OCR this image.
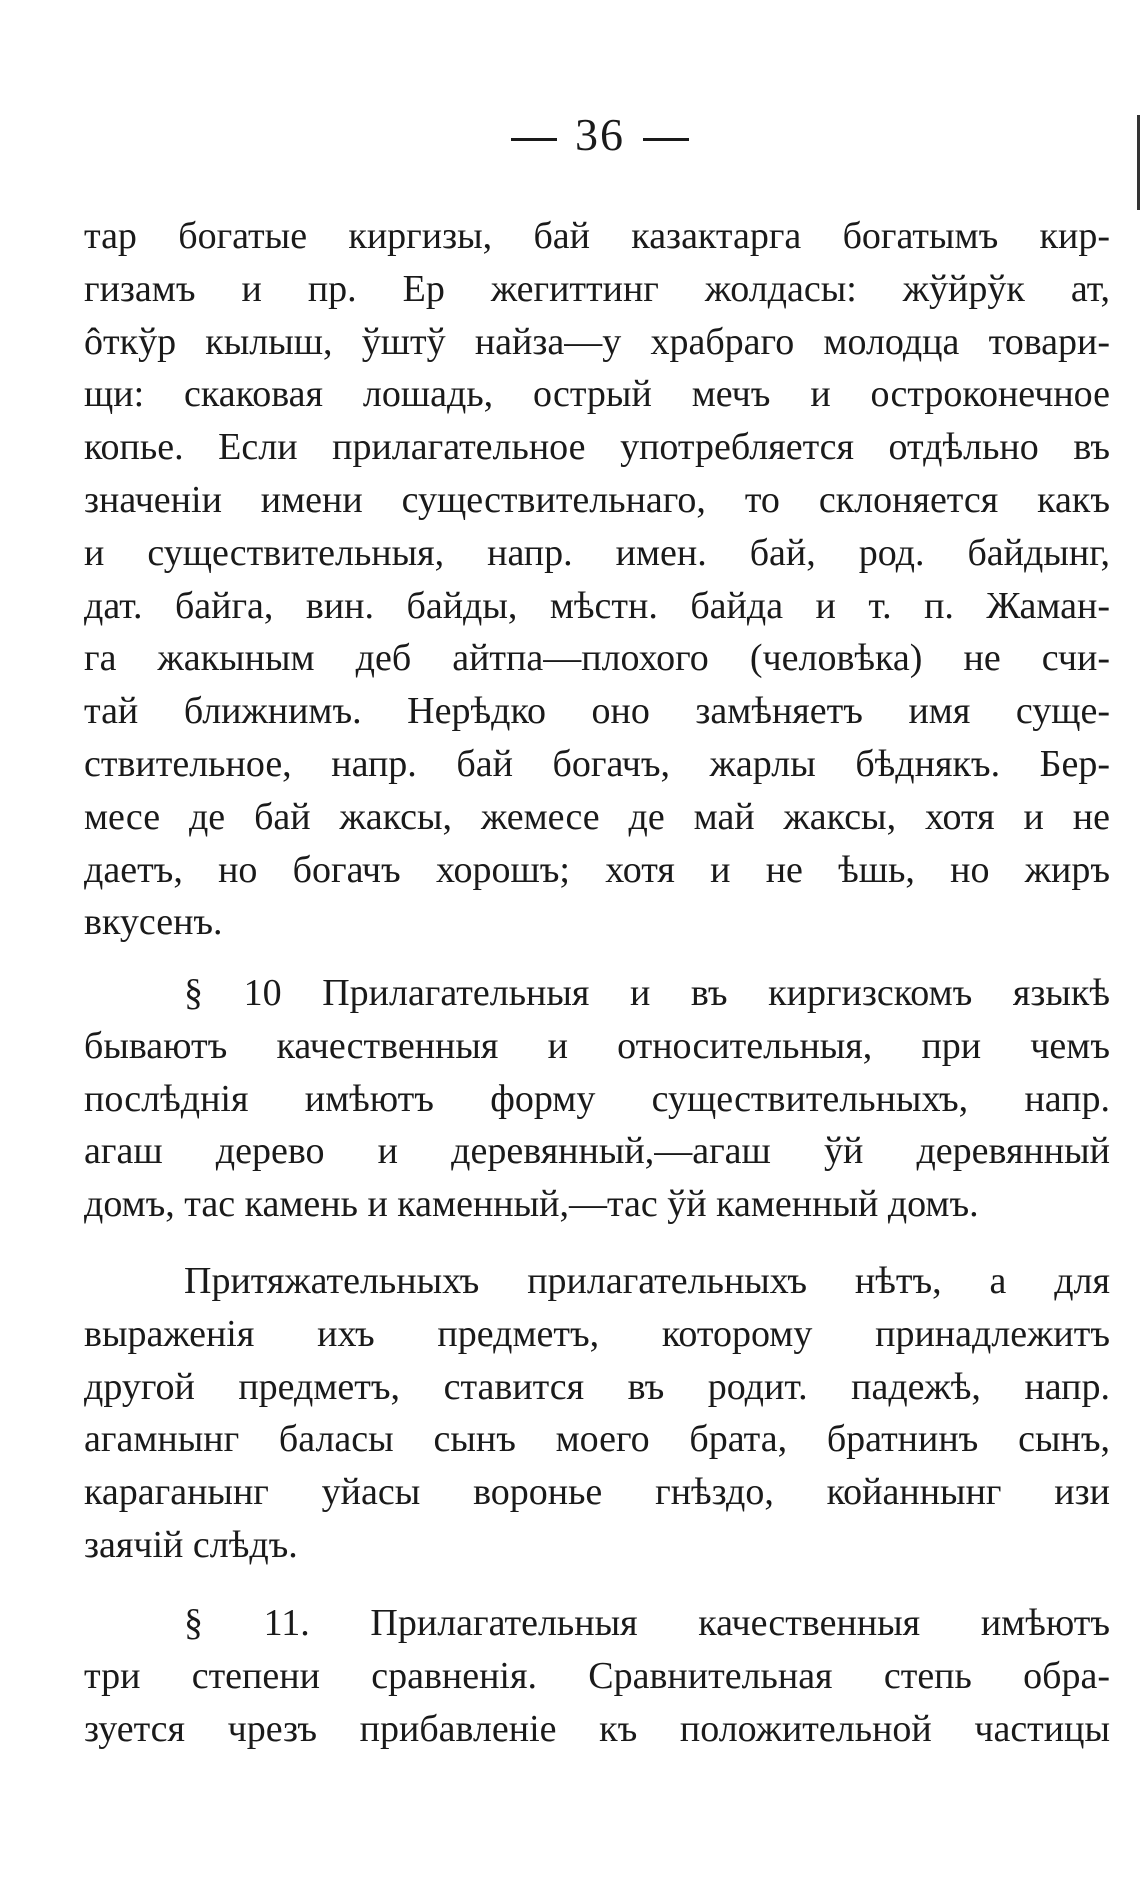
36
тар богатые киргизы, бай казактарга богатымъ кир-
гизамъ и пр. Ер жегиттинг жолдасы: жўйрўк ат,
ôткўр кылыш, ўштў найза—у храбраго молодца товари-
щи: скаковая лошадь, острый мечъ и остроконечное
копье. Если прилагательное употребляется отдѣльно въ
значенiи имени существительнаго, то склоняется какъ
и существительныя, напр. имен. бай, род. байдынг,
дат. байга, вин. байды, мѣстн. байда и т. п. Жаман-
га жакыным деб айтпа—плохого (человѣка) не счи-
тай ближнимъ. Нерѣдко оно замѣняетъ имя суще-
ствительное, напр. бай богачъ, жарлы бѣднякъ. Бер-
месе де бай жаксы, жемесе де май жаксы, хотя и не
даетъ, но богачъ хорошъ; хотя и не ѣшь, но жиръ
вкусенъ.
§ 10 Прилагательныя и въ киргизскомъ языкѣ
бываютъ качественныя и относительныя, при чемъ
послѣднiя имѣютъ форму существительныхъ, напр.
агаш дерево и деревянный,—агаш ўй деревянный
домъ, тас камень и каменный,—тас ўй каменный домъ.
Притяжательныхъ прилагательныхъ нѣтъ, а для
выраженiя ихъ предметъ, которому принадлежитъ
другой предметъ, ставится въ родит. падежѣ, напр.
агамнынг баласы сынъ моего брата, братнинъ сынъ,
караганынг уйасы воронье гнѣздо, койаннынг изи
заячiй слѣдъ.
§ 11. Прилагательныя качественныя имѣютъ
три степени сравненiя. Сравнительная степь обра-
зуется чрезъ прибавленiе къ положительной частицы
